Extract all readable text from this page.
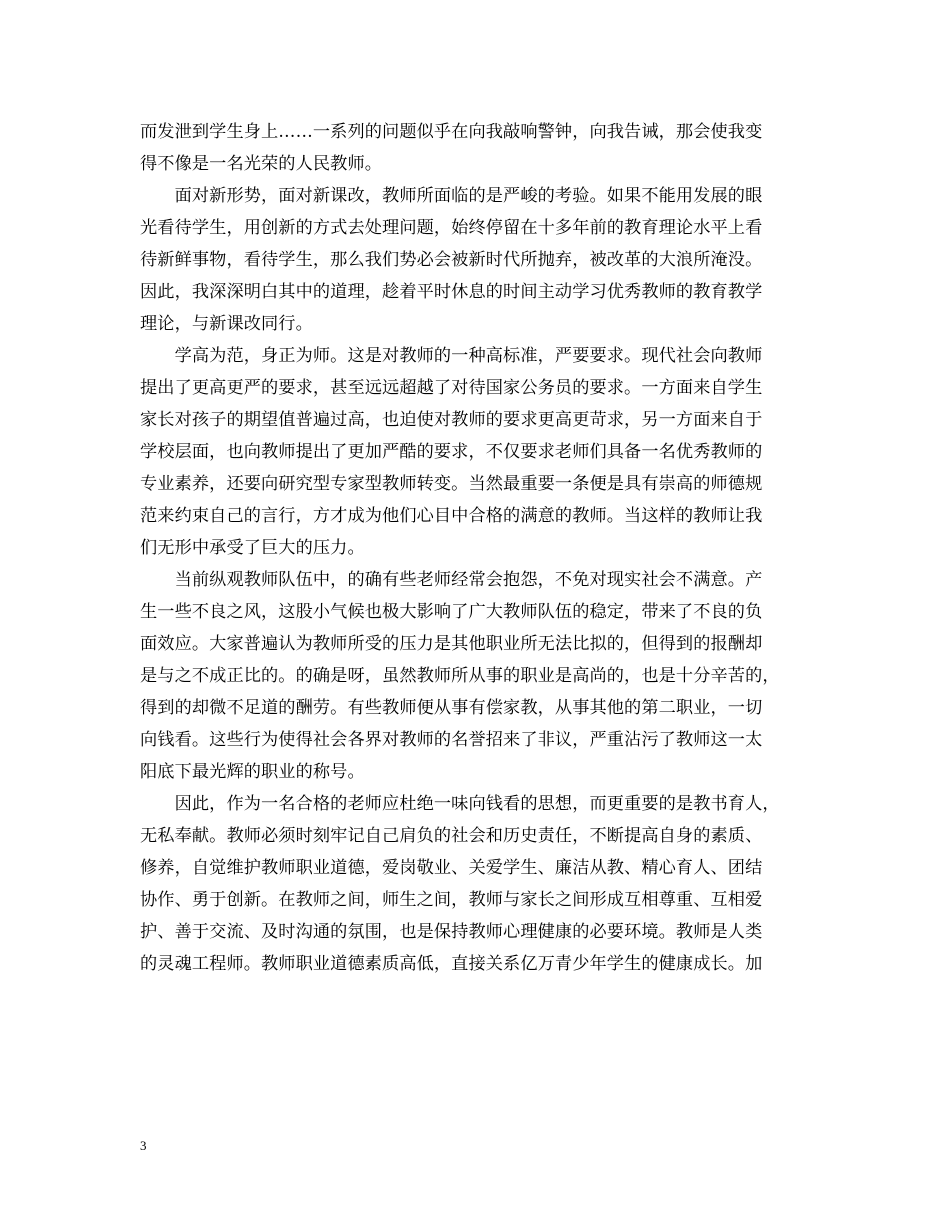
而发泄到学生身上……一系列的问题似乎在向我敲响警钟，向我告诫，那会使我变
得不像是一名光荣的人民教师。
　　面对新形势，面对新课改，教师所面临的是严峻的考验。如果不能用发展的眼
光看待学生，用创新的方式去处理问题，始终停留在十多年前的教育理论水平上看
待新鲜事物，看待学生，那么我们势必会被新时代所抛弃，被改革的大浪所淹没。
因此，我深深明白其中的道理，趁着平时休息的时间主动学习优秀教师的教育教学
理论，与新课改同行。
　　学高为范，身正为师。这是对教师的一种高标准，严要要求。现代社会向教师
提出了更高更严的要求，甚至远远超越了对待国家公务员的要求。一方面来自学生
家长对孩子的期望值普遍过高，也迫使对教师的要求更高更苛求，另一方面来自于
学校层面，也向教师提出了更加严酷的要求，不仅要求老师们具备一名优秀教师的
专业素养，还要向研究型专家型教师转变。当然最重要一条便是具有崇高的师德规
范来约束自己的言行，方才成为他们心目中合格的满意的教师。当这样的教师让我
们无形中承受了巨大的压力。
　　当前纵观教师队伍中，的确有些老师经常会抱怨，不免对现实社会不满意。产
生一些不良之风，这股小气候也极大影响了广大教师队伍的稳定，带来了不良的负
面效应。大家普遍认为教师所受的压力是其他职业所无法比拟的，但得到的报酬却
是与之不成正比的。的确是呀，虽然教师所从事的职业是高尚的，也是十分辛苦的，
得到的却微不足道的酬劳。有些教师便从事有偿家教，从事其他的第二职业，一切
向钱看。这些行为使得社会各界对教师的名誉招来了非议，严重沾污了教师这一太
阳底下最光辉的职业的称号。
　　因此，作为一名合格的老师应杜绝一味向钱看的思想，而更重要的是教书育人，
无私奉献。教师必须时刻牢记自己肩负的社会和历史责任，不断提高自身的素质、
修养，自觉维护教师职业道德，爱岗敬业、关爱学生、廉洁从教、精心育人、团结
协作、勇于创新。在教师之间，师生之间，教师与家长之间形成互相尊重、互相爱
护、善于交流、及时沟通的氛围，也是保持教师心理健康的必要环境。教师是人类
的灵魂工程师。教师职业道德素质高低，直接关系亿万青少年学生的健康成长。加
3
